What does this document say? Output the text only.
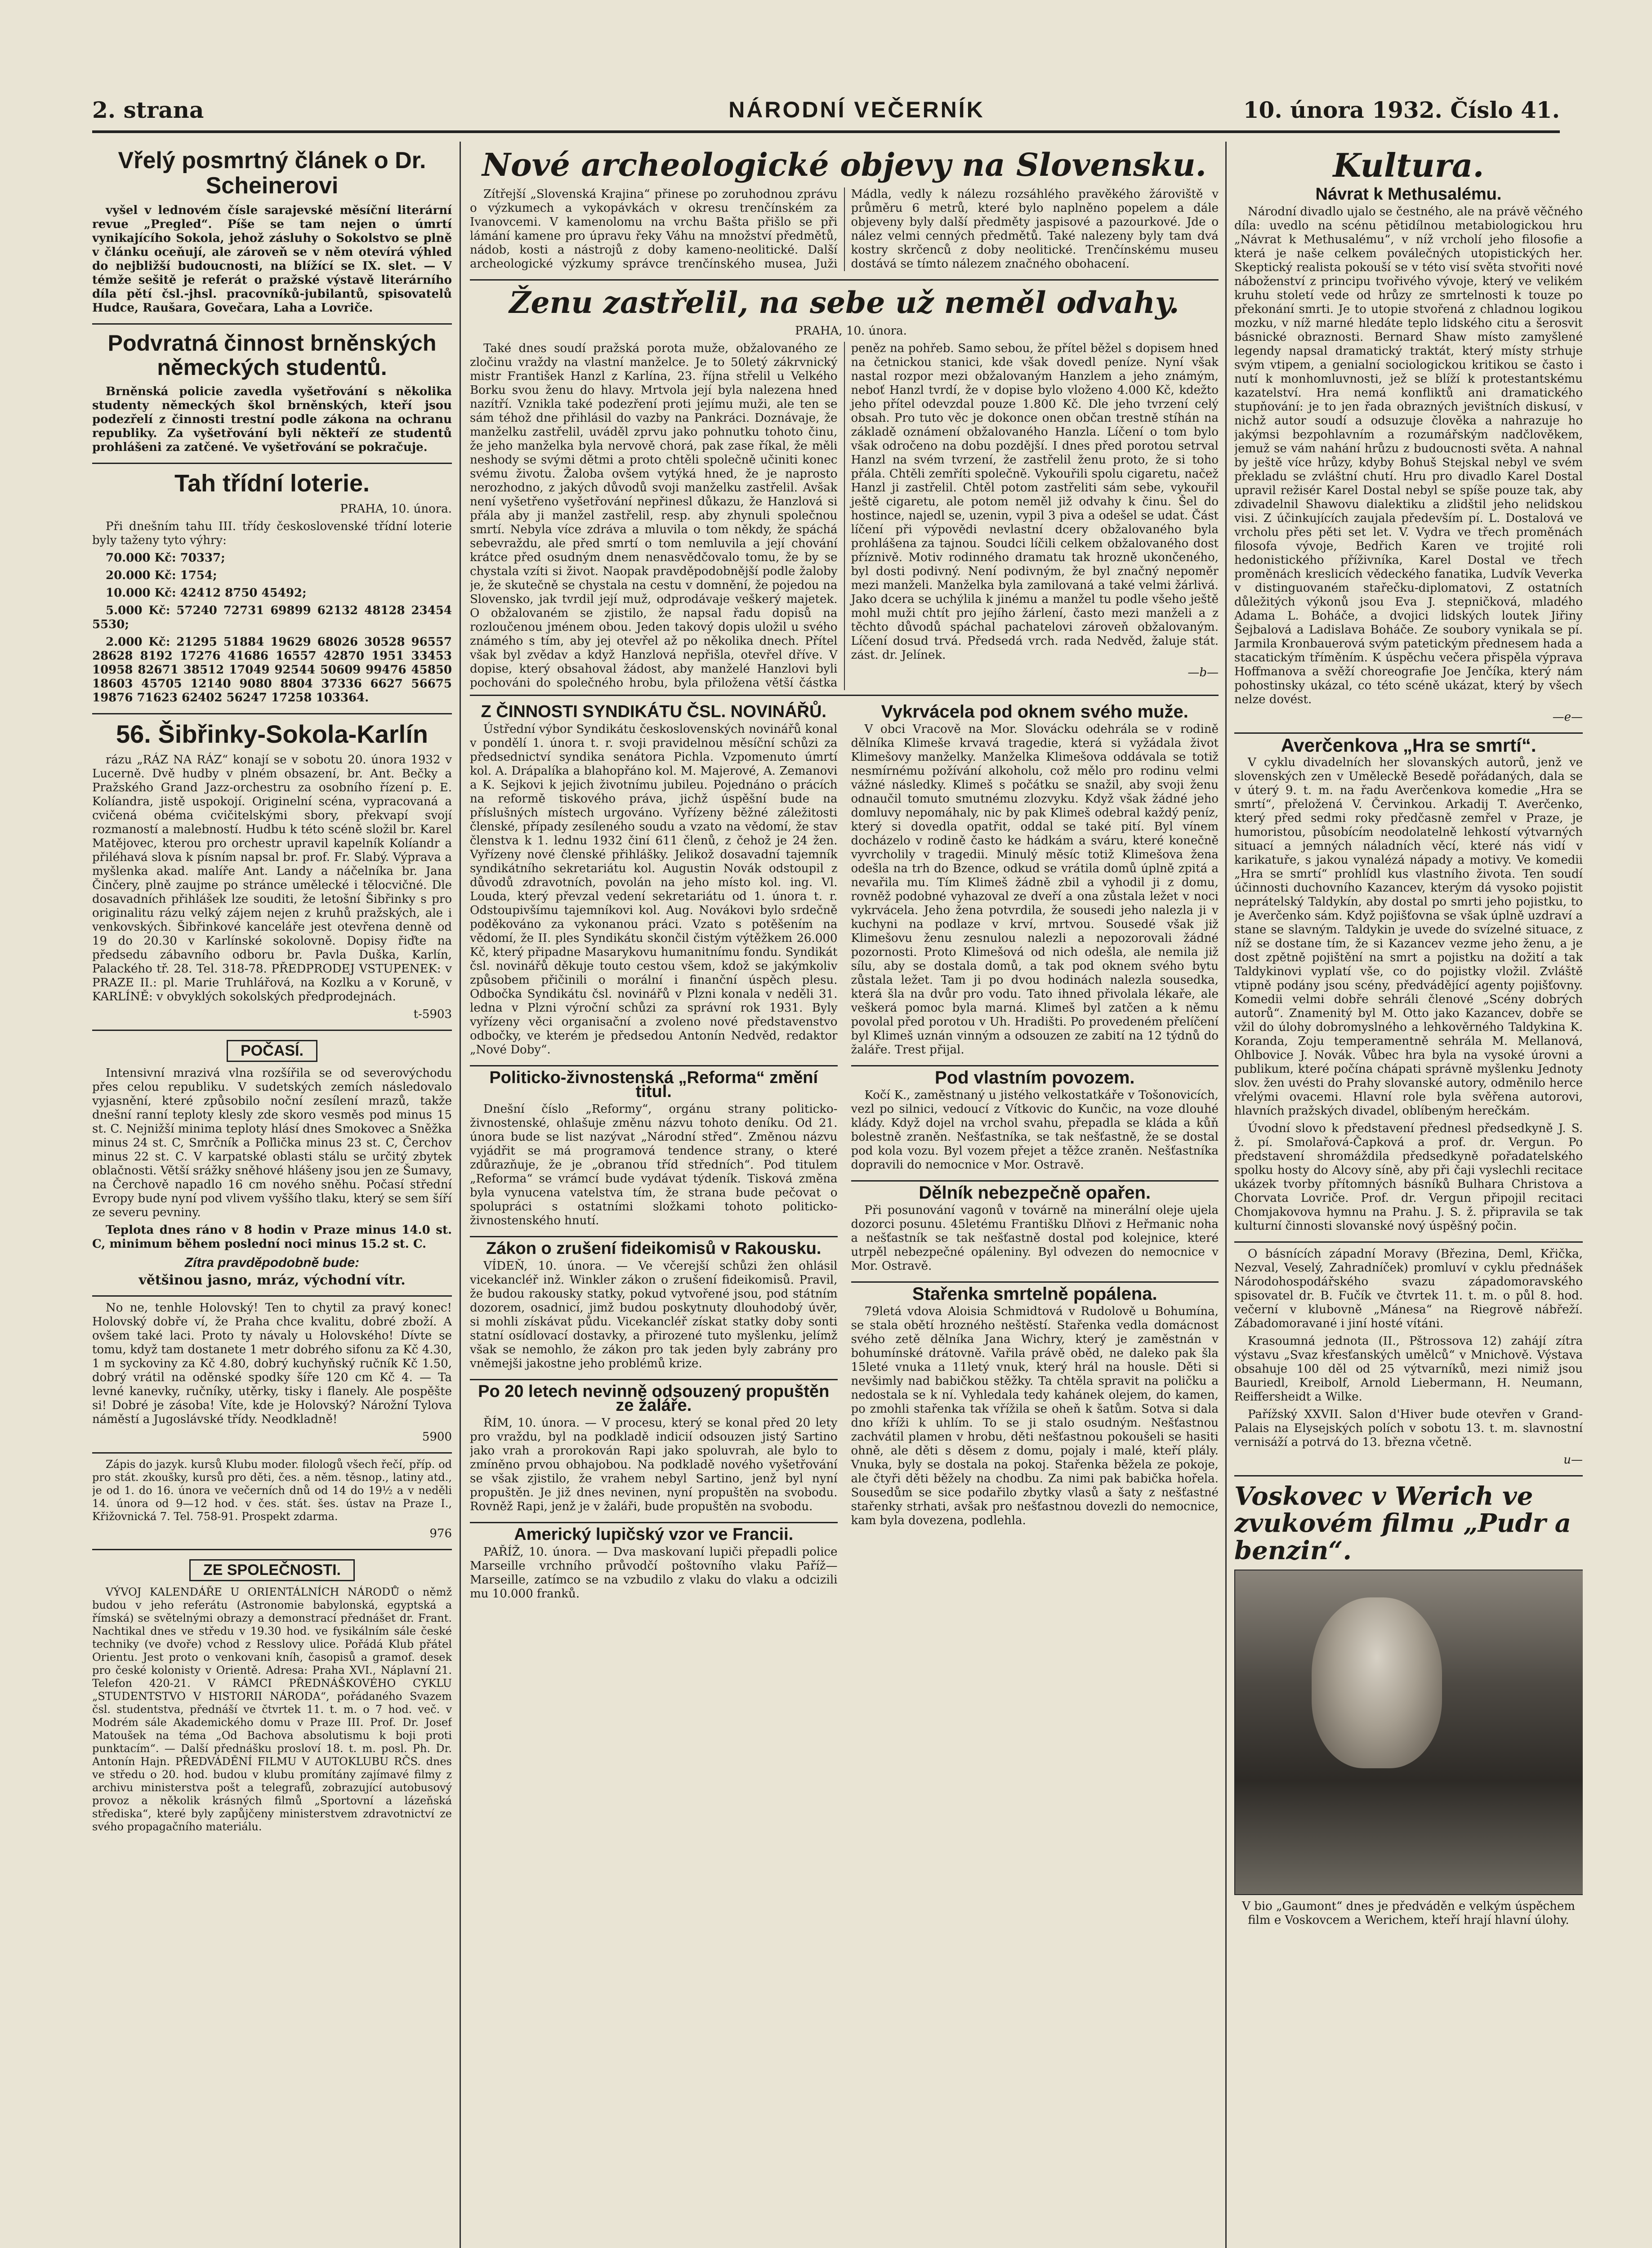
2. strana	NÁRODNÍ VEČERNÍK	10. února 1932. Číslo 41.
Vřelý posmrtný článek o Dr. Scheinerovi

vyšel v lednovém čísle sarajevské měsíční literární revue „Pregled“. Píše se tam nejen o úmrtí vynikajícího Sokola, jehož zásluhy o Sokolstvo se plně v článku oceňují, ale zároveň se v něm otevírá výhled do nejbližší budoucnosti, na blížící se IX. slet. — V témže sešitě je referát o pražské výstavě literárního díla pětí čsl.-jhsl. pracovníků-jubilantů, spisovatelů Hudce, Raušara, Govečara, Laha a Lovriče.

Podvratná činnost brněnských německých studentů.

Brněnská policie zavedla vyšetřování s několika studenty německých škol brněnských, kteří jsou podezřelí z činnosti trestní podle zákona na ochranu republiky. Za vyšetřování byli někteří ze studentů prohlášeni za zatčené. Ve vyšetřování se pokračuje.

Tah třídní loterie.

PRAHA, 10. února.

Při dnešním tahu III. třídy československé třídní loterie byly taženy tyto výhry:

70.000 Kč: 70337;

20.000 Kč: 1754;

10.000 Kč: 42412 8750 45492;

5.000 Kč: 57240 72731 69899 62132 48128 23454 5530;

2.000 Kč: 21295 51884 19629 68026 30528 96557 28628 8192 17276 41686 16557 42870 1951 33453 10958 82671 38512 17049 92544 50609 99476 45850 18603 45705 12140 9080 8804 37336 6627 56675 19876 71623 62402 56247 17258 103364.

56. Šibřinky-Sokola-Karlín

rázu „RÁZ NA RÁZ“ konají se v sobotu 20. února 1932 v Lucerně. Dvě hudby v plném obsazení, br. Ant. Bečky a Pražského Grand Jazz-orchestru za osobního řízení p. E. Kolíandra, jistě uspokojí. Originelní scéna, vypracovaná a cvičená obéma cvičitelskými sbory, překvapí svojí rozmaností a malebností. Hudbu k této scéně složil br. Karel Matějovec, kterou pro orchestr upravil kapelník Kolíandr a přiléhavá slova k písním napsal br. prof. Fr. Slabý. Výprava a myšlenka akad. malíře Ant. Landy a náčelníka br. Jana Činčery, plně zaujme po stránce umělecké i tělocvičné. Dle dosavadních přihlášek lze souditi, že letošní Šibřinky s pro originalitu rázu velký zájem nejen z kruhů pražských, ale i venkovských. Šibřinkové kanceláře jest otevřena denně od 19 do 20.30 v Karlínské sokolovně. Dopisy řiďte na předsedu zábavního odboru br. Pavla Duška, Karlín, Palackého tř. 28. Tel. 318-78. PŘEDPRODEJ VSTUPENEK: v PRAZE II.: pl. Marie Truhlářová, na Kozlku a v Koruně, v KARLÍNĚ: v obvyklých sokolských předprodejnách.

t-5903

POČASÍ.

Intensivní mrazivá vlna rozšířila se od severovýchodu přes celou republiku. V sudetských zemích následovalo vyjasnění, které způsobilo noční zesílení mrazů, takže dnešní ranní teploty klesly zde skoro vesměs pod minus 15 st. C. Nejnižší minima teploty hlásí dnes Smokovec a Sněžka minus 24 st. C, Smrčník a Poľlička minus 23 st. C, Čerchov minus 22 st. C. V karpatské oblasti stálu se určitý zbytek oblačnosti. Větší srážky sněhové hlášeny jsou jen ze Šumavy, na Čerchově napadlo 16 cm nového sněhu. Počasí střední Evropy bude nyní pod vlivem vyššího tlaku, který se sem šíří ze severu pevniny.

Teplota dnes ráno v 8 hodin v Praze minus 14.0 st. C, minimum během poslední noci minus 15.2 st. C.

Zítra pravděpodobně bude:

většinou jasno, mráz, východní vítr.

No ne, tenhle Holovský! Ten to chytil za pravý konec! Holovský dobře ví, že Praha chce kvalitu, dobré zboží. A ovšem také laci. Proto ty návaly u Holovského! Dívte se tomu, když tam dostanete 1 metr dobrého sifonu za Kč 4.30, 1 m syckoviny za Kč 4.80, dobrý kuchyňský ručník Kč 1.50, dobrý vrátil na oděnské spodky šíře 120 cm Kč 4. — Ta levné kanevky, ručníky, utěrky, tisky i flanely. Ale pospěšte si! Dobré je zásoba! Víte, kde je Holovský? Nárožní Tylova náměstí a Jugoslávské třídy. Neodkladně!

5900

Zápis do jazyk. kursů Klubu moder. filologů všech řečí, příp. od pro stát. zkoušky, kursů pro děti, čes. a něm. těsnop., latiny atd., je od 1. do 16. února ve večerních dnů od 14 do 19½ a v neděli 14. února od 9—12 hod. v čes. stát. šes. ústav na Praze I., Křižovnická 7. Tel. 758-91. Prospekt zdarma.

976

ZE SPOLEČNOSTI.

VÝVOJ KALENDÁŘE U ORIENTÁLNÍCH NÁRODŮ o němž budou v jeho referátu (Astronomie babylonská, egyptská a římská) se světelnými obrazy a demonstrací přednášet dr. Frant. Nachtikal dnes ve středu v 19.30 hod. ve fysikálním sále české techniky (ve dvoře) vchod z Resslovy ulice. Pořádá Klub přátel Orientu. Jest proto o venkovani kníh, časopisů a gramof. desek pro české kolonisty v Orientě. Adresa: Praha XVI., Náplavní 21. Telefon 420-21. V RÁMCI PŘEDNÁŠKOVÉHO CYKLU „STUDENTSTVO V HISTORII NÁRODA“, pořádaného Svazem čsl. studentstva, přednáší ve čtvrtek 11. t. m. o 7 hod. več. v Modrém sále Akademického domu v Praze III. Prof. Dr. Josef Matoušek na téma „Od Bachova absolutismu k boji proti punktacím“. — Další přednášku prosloví 18. t. m. posl. Ph. Dr. Antonín Hajn. PŘEDVÁDĚNÍ FILMU V AUTOKLUBU RČS. dnes ve středu o 20. hod. budou v klubu promítány zajímavé filmy z archivu ministerstva pošt a telegrafů, zobrazující autobusový provoz a několik krásných filmů „Sportovní a lázeňská střediska“, které byly zapůjčeny ministerstvem zdravotnictví ze svého propagačního materiálu.

Nové archeologické objevy na Slovensku.

Zítřejší „Slovenská Krajina“ přinese po zoruhodnou zprávu o výzkumech a vykopávkách v okresu trenčínském za Ivanovcemi. V kamenolomu na vrchu Bašta přišlo se při lámání kamene pro úpravu řeky Váhu na množství předmětů, nádob, kosti a nástrojů z doby kameno-neolitické. Další archeologické výzkumy správce trenčínského musea, Juži Mádla, vedly k nálezu rozsáhlého pravěkého žároviště v průměru 6 metrů, které bylo naplněno popelem a dále objeveny byly další předměty jaspisové a pazourkové. Jde o nález velmi cenných předmětů. Také nalezeny byly tam dvá kostry skrčenců z doby neolitické. Trenčínskému museu dostává se tímto nálezem značného obohacení.

Ženu zastřelil, na sebe už neměl odvahy.

PRAHA, 10. února.

Také dnes soudí pražská porota muže, obžalovaného ze zločinu vraždy na vlastní manželce. Je to 50letý zákrvnický mistr František Hanzl z Karlína, 23. října střelil u Velkého Borku svou ženu do hlavy. Mrtvola její byla nalezena hned nazítří. Vznikla také podezření proti jejímu muži, ale ten se sám téhož dne přihlásil do vazby na Pankráci. Doznávaje, že manželku zastřelil, uváděl zprvu jako pohnutku tohoto činu, že jeho manželka byla nervově chorá, pak zase říkal, že měli neshody se svými dětmi a proto chtěli společně učiniti konec svému životu. Žaloba ovšem vytýká hned, že je naprosto nerozhodno, z jakých důvodů svoji manželku zastřelil. Avšak není vyšetřeno vyšetřování nepřinesl důkazu, že Hanzlová si přála aby ji manžel zastřelil, resp. aby zhynuli společnou smrtí. Nebyla více zdráva a mluvila o tom někdy, že spáchá sebevraždu, ale před smrtí o tom nemluvila a její chování krátce před osudným dnem nenasvědčovalo tomu, že by se chystala vzíti si život. Naopak pravděpodobnější podle žaloby je, že skutečně se chystala na cestu v domnění, že pojedou na Slovensko, jak tvrdil její muž, odprodávaje veškerý majetek. O obžalovaném se zjistilo, že napsal řadu dopisů na rozloučenou jménem obou. Jeden takový dopis uložil u svého známého s tím, aby jej otevřel až po několika dnech. Přítel však byl zvědav a když Hanzlová nepřišla, otevřel dříve. V dopise, který obsahoval žádost, aby manželé Hanzlovi byli pochováni do společného hrobu, byla přiložena větší částka peněz na pohřeb. Samo sebou, že přítel běžel s dopisem hned na četnickou stanici, kde však dovedl peníze. Nyní však nastal rozpor mezi obžalovaným Hanzlem a jeho známým, neboť Hanzl tvrdí, že v dopise bylo vloženo 4.000 Kč, kdežto jeho přítel odevzdal pouze 1.800 Kč. Dle jeho tvrzení celý obsah. Pro tuto věc je dokonce onen občan trestně stíhán na základě oznámení obžalovaného Hanzla. Líčení o tom bylo však odročeno na dobu pozdější. I dnes před porotou setrval Hanzl na svém tvrzení, že zastřelil ženu proto, že si toho přála. Chtěli zemříti společně. Vykouřili spolu cigaretu, načež Hanzl ji zastřelil. Chtěl potom zastřeliti sám sebe, vykouřil ještě cigaretu, ale potom neměl již odvahy k činu. Šel do hostince, najedl se, uzenin, vypil 3 piva a odešel se udat. Část líčení při výpovědi nevlastní dcery obžalovaného byla prohlášena za tajnou. Soudci líčili celkem obžalovaného dost příznivě. Motiv rodinného dramatu tak hrozně ukončeného, byl dosti podivný. Není podivným, že byl značný nepoměr mezi manželi. Manželka byla zamilovaná a také velmi žárlivá. Jako dcera se uchýlila k jinému a manžel tu podle všeho ještě mohl muži chtít pro jejího žárlení, často mezi manželi a z těchto důvodů spáchal pachatelovi zároveň obžalovaným. Líčení dosud trvá. Předsedá vrch. rada Nedvěd, žaluje stát. zást. dr. Jelínek.

—b—

Z ČINNOSTI SYNDIKÁTU ČSL. NOVINÁŘŮ.

Ústřední výbor Syndikátu československých novinářů konal v pondělí 1. února t. r. svoji pravidelnou měsíční schůzi za předsednictví syndika senátora Pichla. Vzpomenuto úmrtí kol. A. Drápalíka a blahopřáno kol. M. Majerové, A. Zemanovi a K. Sejkovi k jejich životnímu jubileu. Pojednáno o prácích na reformě tiskového práva, jichž úspěšní bude na příslušných místech urgováno. Vyřízeny běžné záležitosti členské, případy zesíleného soudu a vzato na vědomí, že stav členstva k 1. lednu 1932 činí 611 členů, z čehož je 24 žen. Vyřízeny nové členské přihlášky. Jelikož dosavadní tajemník syndikátního sekretariátu kol. Augustin Novák odstoupil z důvodů zdravotních, povolán na jeho místo kol. ing. Vl. Louda, který převzal vedení sekretariátu od 1. února t. r. Odstoupivšímu tajemníkovi kol. Aug. Novákovi bylo srdečně poděkováno za vykonanou práci. Vzato s potěšením na vědomí, že II. ples Syndikátu skončil čistým výtěžkem 26.000 Kč, který připadne Masarykovu humanitnímu fondu. Syndikát čsl. novinářů děkuje touto cestou všem, kdož se jakýmkoliv způsobem přičinili o morální i finanční úspěch plesu. Odbočka Syndikátu čsl. novinářů v Plzni konala v neděli 31. ledna v Plzni výroční schůzi za správní rok 1931. Byly vyřízeny věci organisační a zvoleno nové představenstvo odbočky, ve kterém je předsedou Antonín Nedvěd, redaktor „Nové Doby“.

Politicko-živnostenská „Reforma“ změní titul.

Dnešní číslo „Reformy“, orgánu strany politicko-živnostenské, ohlašuje změnu názvu tohoto deníku. Od 21. února bude se list nazývat „Národní střed“. Změnou názvu vyjádřit se má programová tendence strany, o které zdůrazňuje, že je „obranou tříd středních“. Pod titulem „Reforma“ se vrámcí bude vydávat týdeník. Tisková změna byla vynucena vatelstva tím, že strana bude pečovat o spolupráci s ostatními složkami tohoto politicko-živnostenského hnutí.

Zákon o zrušení fideikomisů v Rakousku.

VÍDEŇ, 10. února. — Ve včerejší schůzi žen ohlásil vicekancléř inž. Winkler zákon o zrušení fideikomisů. Pravil, že budou rakousky statky, pokud vytvořené jsou, pod státním dozorem, osadnicí, jimž budou poskytnuty dlouhodobý úvěr, si mohli získávat půdu. Vicekancléř získat statky doby sonti statní osídlovací dostavky, a přirozené tuto myšlenku, jelímž však se nemohlo, že zákon pro tak jeden byly zabrány pro vněmejši jakostne jeho problémů krize.

Po 20 letech nevinně odsouzený propuštěn ze žaláře.

ŘÍM, 10. února. — V procesu, který se konal před 20 lety pro vraždu, byl na podkladě indicií odsouzen jistý Sartino jako vrah a prorokován Rapi jako spoluvrah, ale bylo to zmíněno prvou obhajobou. Na podkladě nového vyšetřování se však zjistilo, že vrahem nebyl Sartino, jenž byl nyní propuštěn. Je již dnes nevinen, nyní propuštěn na svobodu. Rovněž Rapi, jenž je v žaláři, bude propuštěn na svobodu.

Americký lupičský vzor ve Francii.

PAŘÍŽ, 10. února. — Dva maskovaní lupiči přepadli police Marseille vrchního průvodčí poštovního vlaku Paříž—Marseille, zatímco se na vzbudilo z vlaku do vlaku a odcizili mu 10.000 franků.

Vykrvácela pod oknem svého muže.

V obci Vracově na Mor. Slovácku odehrála se v rodině dělníka Klimeše krvavá tragedie, která si vyžádala život Klimešovy manželky. Manželka Klimešova oddávala se totiž nesmírnému požívání alkoholu, což mělo pro rodinu velmi vážné následky. Klimeš s počátku se snažil, aby svoji ženu odnaučil tomuto smutnému zlozvyku. Když však žádné jeho domluvy nepomáhaly, nic by pak Klimeš odebral každý peníz, který si dovedla opatřit, oddal se také pití. Byl vínem docházelo v rodině často ke hádkám a sváru, které konečně vyvrcholily v tragedii. Minulý měsíc totiž Klimešova žena odešla na trh do Bzence, odkud se vrátila domů úplně zpitá a nevařila mu. Tím Klimeš žádně zbil a vyhodil ji z domu, rovněž podobné vyhazoval ze dveří a ona zůstala ležet v noci vykrvácela. Jeho žena potvrdila, že sousedi jeho nalezla ji v kuchyni na podlaze v krví, mrtvou. Sousedé však již Klimešovu ženu zesnulou nalezli a nepozorovali žádné pozornosti. Proto Klimešová od nich odešla, ale nemila již sílu, aby se dostala domů, a tak pod oknem svého bytu zůstala ležet. Tam ji po dvou hodinách nalezla sousedka, která šla na dvůr pro vodu. Tato ihned přivolala lékaře, ale veškerá pomoc byla marná. Klimeš byl zatčen a k němu povolal před porotou v Uh. Hradišti. Po provedeném přelíčení byl Klimeš uznán vinným a odsouzen ze zabití na 12 týdnů do žaláře. Trest přijal.

Pod vlastním povozem.

Kočí K., zaměstnaný u jistého velkostatkáře v Tošonovicích, vezl po silnici, vedoucí z Vítkovic do Kunčic, na voze dlouhé klády. Když dojel na vrchol svahu, přepadla se kláda a kůň bolestně zraněn. Nešťastníka, se tak nešťastně, že se dostal pod kola vozu. Byl vozem přejet a těžce zraněn. Nešťastníka dopravili do nemocnice v Mor. Ostravě.

Dělník nebezpečně opařen.

Při posunování vagonů v továrně na minerální oleje ujela dozorci posunu. 45letému Františku Dlňovi z Heřmanic noha a nešťastník se tak nešťastně dostal pod kolejnice, které utrpěl nebezpečné opáleniny. Byl odvezen do nemocnice v Mor. Ostravě.

Stařenka smrtelně popálena.

79letá vdova Aloisia Schmidtová v Rudolově u Bohumína, se stala obětí hrozného neštěstí. Stařenka vedla domácnost svého zetě dělníka Jana Wichry, který je zaměstnán v bohumínské drátovně. Vařila právě oběd, ne daleko pak šla 15leté vnuka a 11letý vnuk, který hrál na housle. Děti si nevšimly nad babičkou stěžky. Ta chtěla spravit na poličku a nedostala se k ní. Vyhledala tedy kahánek olejem, do kamen, po zmohli stařenka tak vřížila se oheň k šatům. Sotva si dala dno kříži k uhlím. To se ji stalo osudným. Nešťastnou zachvátil plamen v hrobu, děti nešťastnou pokoušeli se hasiti ohně, ale děti s děsem z domu, pojaly i malé, kteří plály. Vnuka, byly se dostala na pokoj. Stařenka běžela ze pokoje, ale čtyři děti běžely na chodbu. Za nimi pak babička hořela. Sousedům se sice podařilo zbytky vlasů a šaty z nešťastné stařenky strhati, avšak pro nešťastnou dovezli do nemocnice, kam byla dovezena, podlehla.

Kultura.
Návrat k Methusalému.

Národní divadlo ujalo se čestného, ale na právě věčného díla: uvedlo na scénu pětidílnou metabiologickou hru „Návrat k Methusalému“, v níž vrcholí jeho filosofie a která je naše celkem poválečných utopistických her. Skeptický realista pokouší se v této visí světa stvořiti nové náboženství z principu tvořivého vývoje, který ve velikém kruhu století vede od hrůzy ze smrtelnosti k touze po překonání smrti. Je to utopie stvořená z chladnou logikou mozku, v níž marné hledáte teplo lidského citu a šerosvit básnické obraznosti. Bernard Shaw místo zamyšlené legendy napsal dramatický traktát, který místy strhuje svým vtipem, a genialní sociologickou kritikou se často i nutí k monhomluvnosti, jež se blíží k protestantskému kazatelství. Hra nemá konfliktů ani dramatického stupňování: je to jen řada obrazných jevištních diskusí, v nichž autor soudí a odsuzuje člověka a nahrazuje ho jakýmsi bezpohlavním a rozumářským nadčlověkem, jemuž se vám nahání hrůzu z budoucnosti světa. A nahnal by ještě více hrůzy, kdyby Bohuš Stejskal nebyl ve svém překladu se zvláštní chutí. Hru pro divadlo Karel Dostal upravil režisér Karel Dostal nebyl se spíše pouze tak, aby zdivadelnil Shawovu dialektiku a zlidštil jeho nelidskou visi. Z účinkujících zaujala především pí. L. Dostalová ve vrcholu přes pěti set let. V. Vydra ve třech proměnách filosofa vývoje, Bedřich Karen ve trojité roli hedonistického příživníka, Karel Dostal ve třech proměnách kreslicích vědeckého fanatika, Ludvík Veverka v distinguovaném stařečku-diplomatovi, Z ostatních důležitých výkonů jsou Eva J. stepničková, mladého Adama L. Boháče, a dvojici lidských loutek Jiřiny Šejbalová a Ladislava Boháče. Ze soubory vynikala se pí. Jarmila Kronbauerová svým patetickým přednesem hada a stacatickým tříměním. K úspěchu večera přispěla výprava Hoffmanova a svěží choreografie Joe Jenčíka, který nám pohostinsky ukázal, co této scéně ukázat, který by všech nelze dovést.

—e—

Averčenkova „Hra se smrtí“.

V cyklu divadelních her slovanských autorů, jenž ve slovenských zen v Uměleckě Besedě pořádaných, dala se v úterý 9. t. m. na řadu Averčenkova komedie „Hra se smrtí“, přeložená V. Červinkou. Arkadij T. Averčenko, který před sedmi roky předčasně zemřel v Praze, je humoristou, působícím neodolatelně lehkostí výtvarných situací a jemných náladních věcí, které nás vidí v karikatuře, s jakou vynalézá nápady a motivy. Ve komedii „Hra se smrtí“ prohlídl kus vlastního života. Ten soudí účinnosti duchovního Kazancev, kterým dá vysoko pojistit neprátelský Taldykín, aby dostal po smrti jeho pojistku, to je Averčenko sám. Když pojišťovna se však úplně uzdraví a stane se slavným. Taldykin je uvede do svízelné situace, z níž se dostane tím, že si Kazancev vezme jeho ženu, a je dost zpětně pojištění na smrt a pojistku na dožití a tak Taldykinovi vyplatí vše, co do pojistky vložil. Zvláště vtipně podány jsou scény, předvádějící agenty pojišťovny. Komedii velmi dobře sehráli členové „Scény dobrých autorů“. Znamenitý byl M. Otto jako Kazancev, dobře se vžil do úlohy dobromyslného a lehkověrného Taldykina K. Koranda, Zoju temperamentně sehrála M. Mellanová, Ohlbovice J. Novák. Vůbec hra byla na vysoké úrovni a publikum, které počína chápati správně myšlenku Jednoty slov. žen uvésti do Prahy slovanské autory, odměnilo herce vřelými ovacemi. Hlavní role byla svěřena autorovi, hlavních pražských divadel, oblíbeným herečkám.

Úvodní slovo k představení přednesl předsedkyně J. S. ž. pí. Smolařová-Čapková a prof. dr. Vergun. Po představení shromáždila předsedkyně pořadatelského spolku hosty do Alcovy síně, aby při čaji vyslechli recitace ukázek tvorby přítomných básníků Bulhara Christova a Chorvata Lovriče. Prof. dr. Vergun připojil recitaci Chomjakovova hymnu na Prahu. J. S. ž. připravila se tak kulturní činnosti slovanské nový úspěšný počin.

O básnících západní Moravy (Březina, Deml, Křička, Nezval, Veselý, Zahradníček) promluví v cyklu přednášek Národohospodářského svazu západomoravského spisovatel dr. B. Fučík ve čtvrtek 11. t. m. o půl 8. hod. večerní v klubovně „Mánesa“ na Riegrově nábřeží. Zábadomoravané i jiní hosté vítáni.

Krasoumná jednota (II., Pštrossova 12) zahájí zítra výstavu „Svaz křesťanských umělců“ v Mnichově. Výstava obsahuje 100 děl od 25 výtvarníků, mezi nimiž jsou Bauriedl, Kreibolf, Arnold Liebermann, H. Neumann, Reiffersheidt a Wilke.

Pařížský XXVII. Salon d'Hiver bude otevřen v Grand-Palais na Elysejských polích v sobotu 13. t. m. slavnostní vernisáží a potrvá do 13. března včetně.

u—

Voskovec v Werich ve zvukovém filmu „Pudr a benzin“.

V bio „Gaumont“ dnes je předváděn e velkým úspěchem film e Voskovcem a Werichem, kteří hrají hlavní úlohy.
